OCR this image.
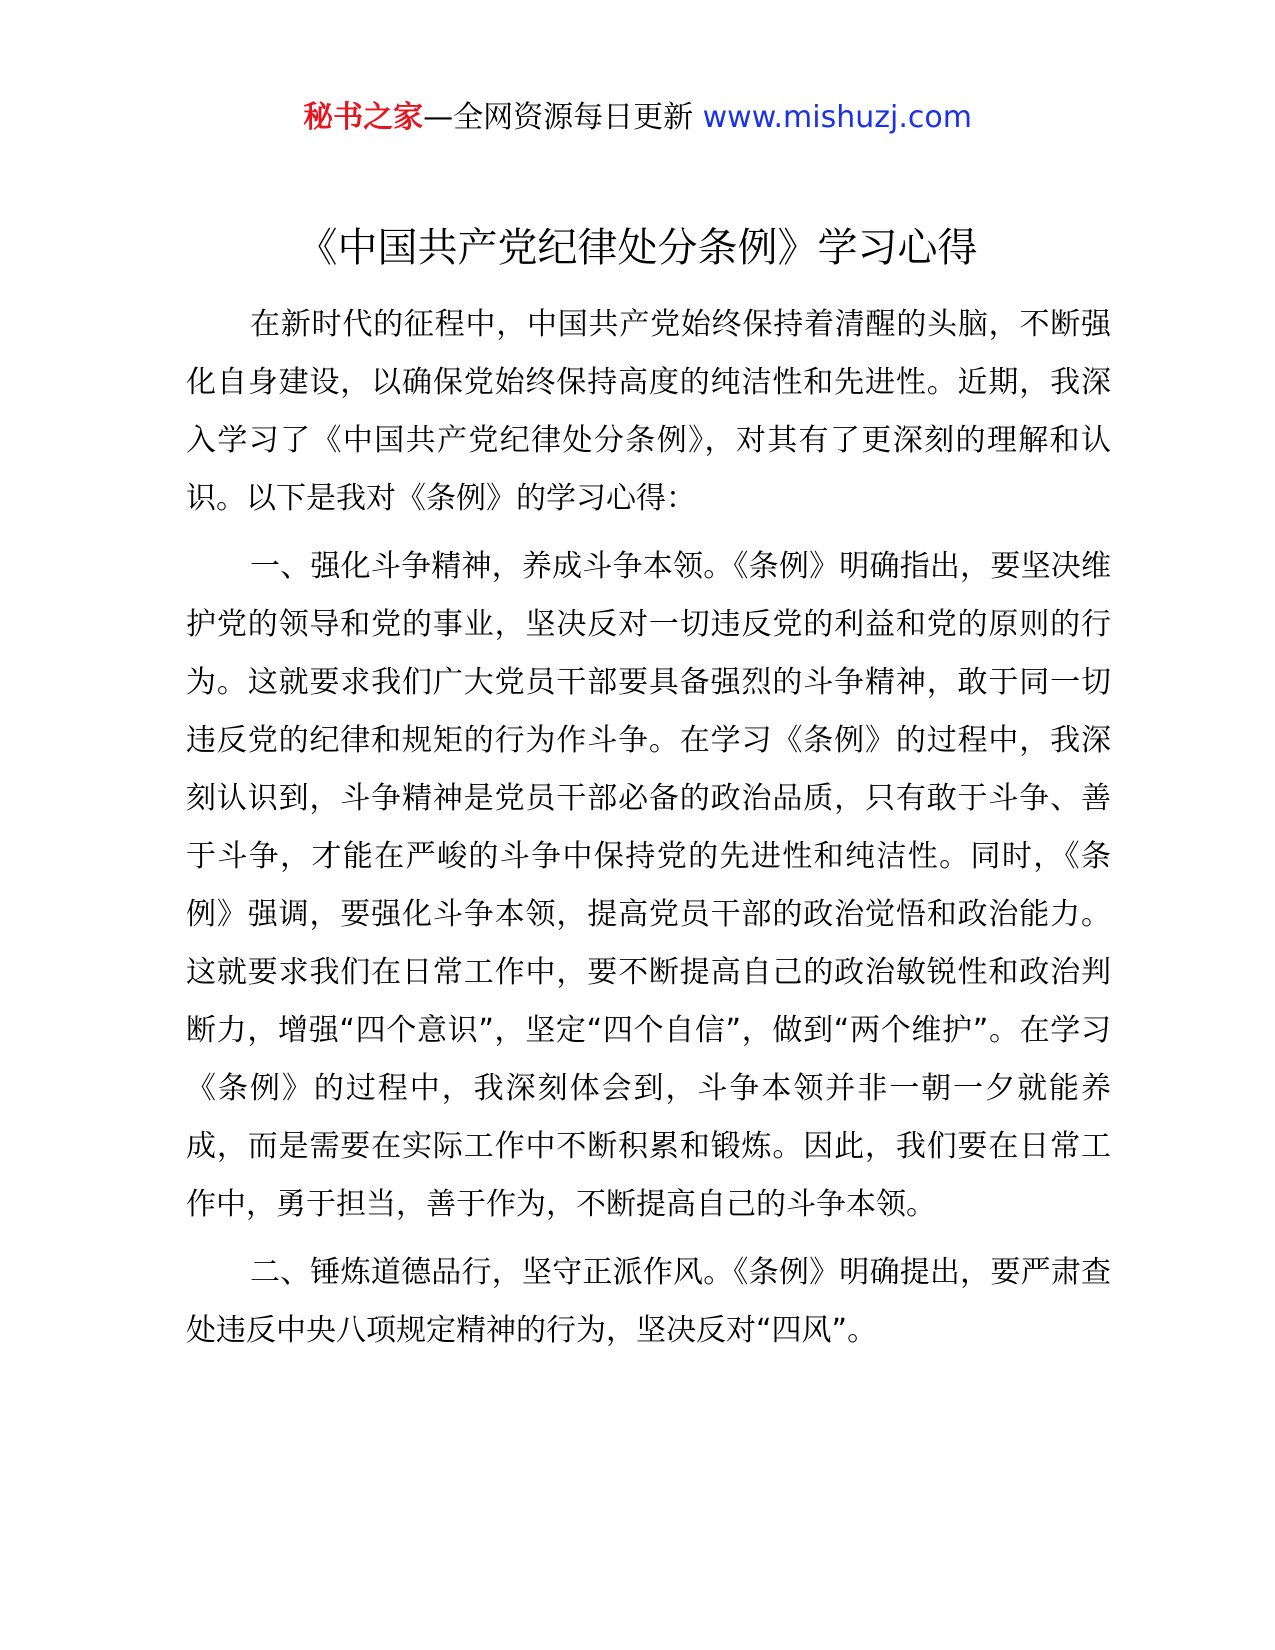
秘书之家—全网资源每日更新 www.mishuzj.com
《中国共产党纪律处分条例》学习心得

在新时代的征程中，中国共产党始终保持着清醒的头脑，不断强化自身建设，以确保党始终保持高度的纯洁性和先进性。近期，我深入学习了《中国共产党纪律处分条例》，对其有了更深刻的理解和认识。以下是我对《条例》的学习心得：

一、强化斗争精神，养成斗争本领。《条例》明确指出，要坚决维护党的领导和党的事业，坚决反对一切违反党的利益和党的原则的行为。这就要求我们广大党员干部要具备强烈的斗争精神，敢于同一切违反党的纪律和规矩的行为作斗争。在学习《条例》的过程中，我深刻认识到，斗争精神是党员干部必备的政治品质，只有敢于斗争、善于斗争，才能在严峻的斗争中保持党的先进性和纯洁性。同时，《条例》强调，要强化斗争本领，提高党员干部的政治觉悟和政治能力。这就要求我们在日常工作中，要不断提高自己的政治敏锐性和政治判断力，增强“四个意识”，坚定“四个自信”，做到“两个维护”。在学习《条例》的过程中，我深刻体会到，斗争本领并非一朝一夕就能养成，而是需要在实际工作中不断积累和锻炼。因此，我们要在日常工作中，勇于担当，善于作为，不断提高自己的斗争本领。

二、锤炼道德品行，坚守正派作风。《条例》明确提出，要严肃查处违反中央八项规定精神的行为，坚决反对“四风”。
